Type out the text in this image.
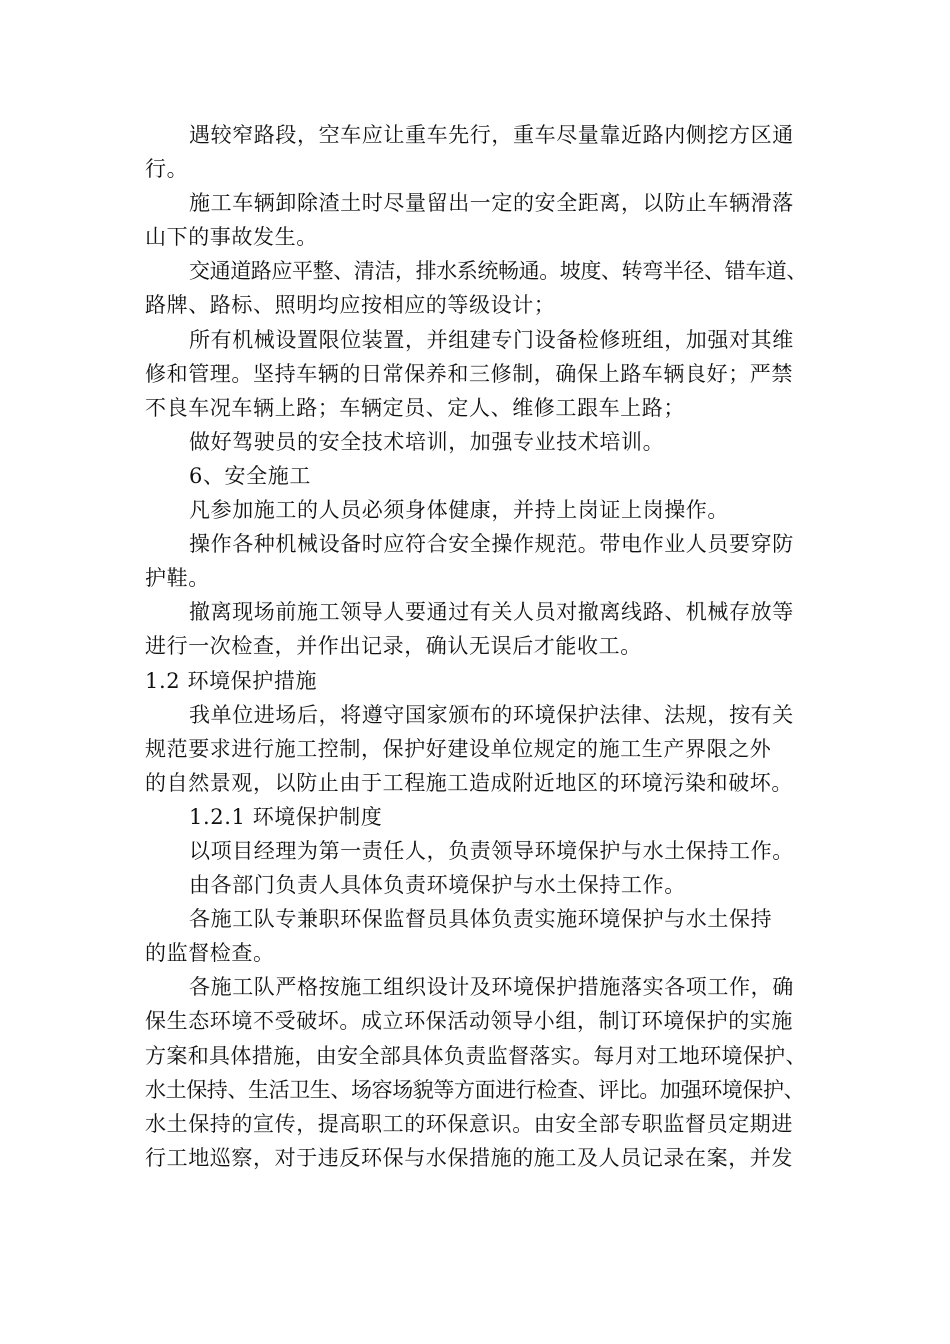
遇较窄路段，空车应让重车先行，重车尽量靠近路内侧挖方区通
行。
施工车辆卸除渣土时尽量留出一定的安全距离，以防止车辆滑落
山下的事故发生。
交通道路应平整、清洁，排水系统畅通。坡度、转弯半径、错车道、
路牌、路标、照明均应按相应的等级设计；
所有机械设置限位装置，并组建专门设备检修班组，加强对其维
修和管理。坚持车辆的日常保养和三修制，确保上路车辆良好；严禁
不良车况车辆上路；车辆定员、定人、维修工跟车上路；
做好驾驶员的安全技术培训，加强专业技术培训。
6、安全施工
凡参加施工的人员必须身体健康，并持上岗证上岗操作。
操作各种机械设备时应符合安全操作规范。带电作业人员要穿防
护鞋。
撤离现场前施工领导人要通过有关人员对撤离线路、机械存放等
进行一次检查，并作出记录，确认无误后才能收工。
1.2 环境保护措施
我单位进场后，将遵守国家颁布的环境保护法律、法规，按有关
规范要求进行施工控制，保护好建设单位规定的施工生产界限之外
的自然景观，以防止由于工程施工造成附近地区的环境污染和破坏。
1.2.1 环境保护制度
以项目经理为第一责任人，负责领导环境保护与水土保持工作。
由各部门负责人具体负责环境保护与水土保持工作。
各施工队专兼职环保监督员具体负责实施环境保护与水土保持
的监督检查。
各施工队严格按施工组织设计及环境保护措施落实各项工作，确
保生态环境不受破坏。成立环保活动领导小组，制订环境保护的实施
方案和具体措施，由安全部具体负责监督落实。每月对工地环境保护、
水土保持、生活卫生、场容场貌等方面进行检查、评比。加强环境保护、
水土保持的宣传，提高职工的环保意识。由安全部专职监督员定期进
行工地巡察，对于违反环保与水保措施的施工及人员记录在案，并发
